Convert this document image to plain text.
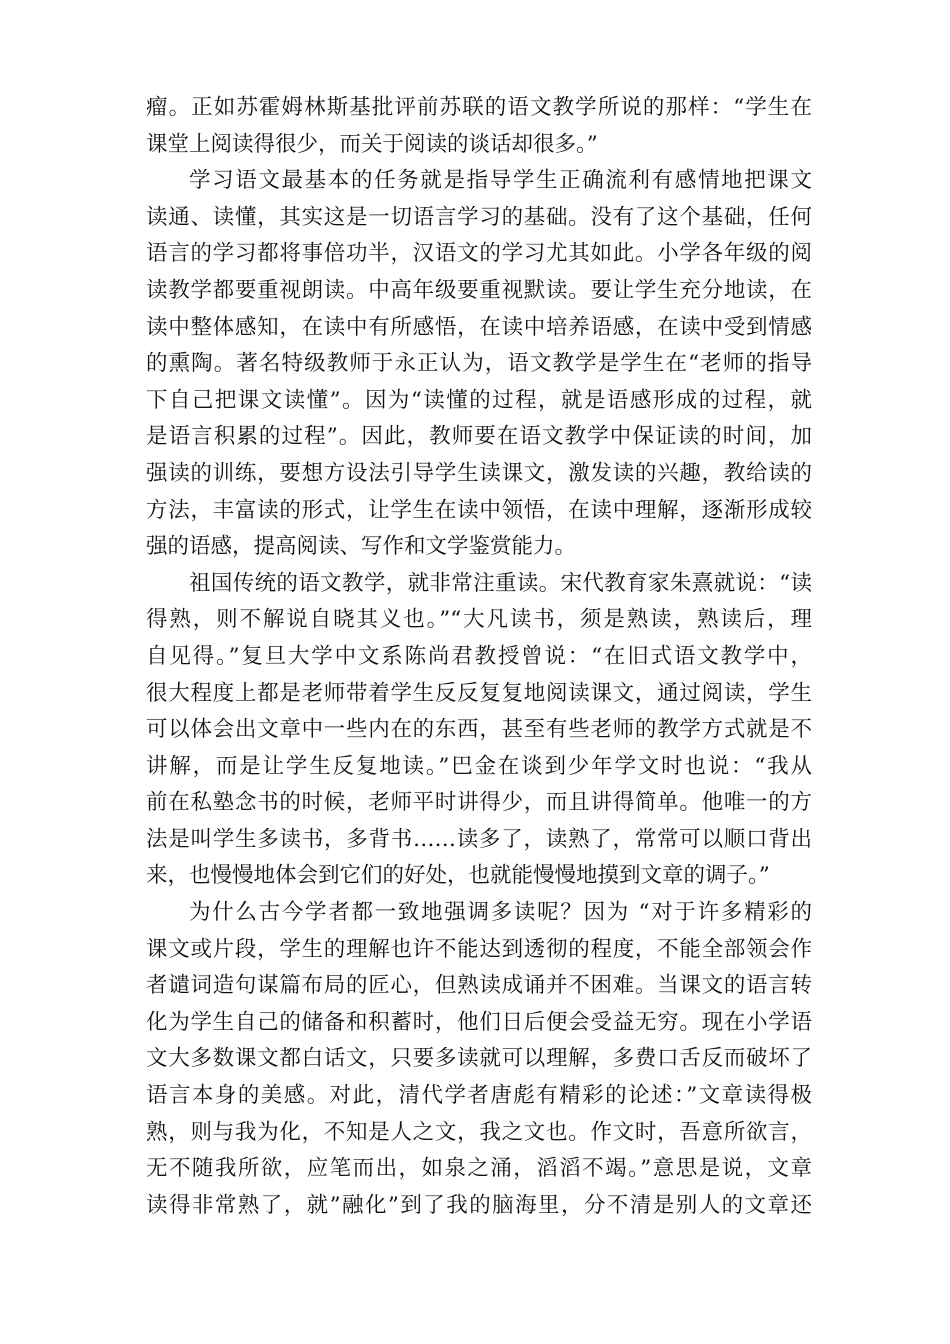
瘤。正如苏霍姆林斯基批评前苏联的语文教学所说的那样：“学生在
课堂上阅读得很少，而关于阅读的谈话却很多。”
学习语文最基本的任务就是指导学生正确流利有感情地把课文
读通、读懂，其实这是一切语言学习的基础。没有了这个基础，任何
语言的学习都将事倍功半，汉语文的学习尤其如此。小学各年级的阅
读教学都要重视朗读。中高年级要重视默读。要让学生充分地读，在
读中整体感知，在读中有所感悟，在读中培养语感，在读中受到情感
的熏陶。著名特级教师于永正认为，语文教学是学生在“老师的指导
下自己把课文读懂”。因为“读懂的过程，就是语感形成的过程，就
是语言积累的过程”。因此，教师要在语文教学中保证读的时间，加
强读的训练，要想方设法引导学生读课文，激发读的兴趣，教给读的
方法，丰富读的形式，让学生在读中领悟，在读中理解，逐渐形成较
强的语感，提高阅读、写作和文学鉴赏能力。
祖国传统的语文教学，就非常注重读。宋代教育家朱熹就说：“读
得熟，则不解说自晓其义也。”“大凡读书，须是熟读，熟读后，理
自见得。”复旦大学中文系陈尚君教授曾说：“在旧式语文教学中，
很大程度上都是老师带着学生反反复复地阅读课文，通过阅读，学生
可以体会出文章中一些内在的东西，甚至有些老师的教学方式就是不
讲解，而是让学生反复地读。”巴金在谈到少年学文时也说：“我从
前在私塾念书的时候，老师平时讲得少，而且讲得简单。他唯一的方
法是叫学生多读书，多背书……读多了，读熟了，常常可以顺口背出
来，也慢慢地体会到它们的好处，也就能慢慢地摸到文章的调子。”
为什么古今学者都一致地强调多读呢？因为 “对于许多精彩的
课文或片段，学生的理解也许不能达到透彻的程度，不能全部领会作
者谴词造句谋篇布局的匠心，但熟读成诵并不困难。当课文的语言转
化为学生自己的储备和积蓄时，他们日后便会受益无穷。现在小学语
文大多数课文都白话文，只要多读就可以理解，多费口舌反而破坏了
语言本身的美感。对此，清代学者唐彪有精彩的论述：”文章读得极
熟，则与我为化，不知是人之文，我之文也。作文时，吾意所欲言，
无不随我所欲，应笔而出，如泉之涌，滔滔不竭。”意思是说，文章
读得非常熟了，就”融化”到了我的脑海里，分不清是别人的文章还
